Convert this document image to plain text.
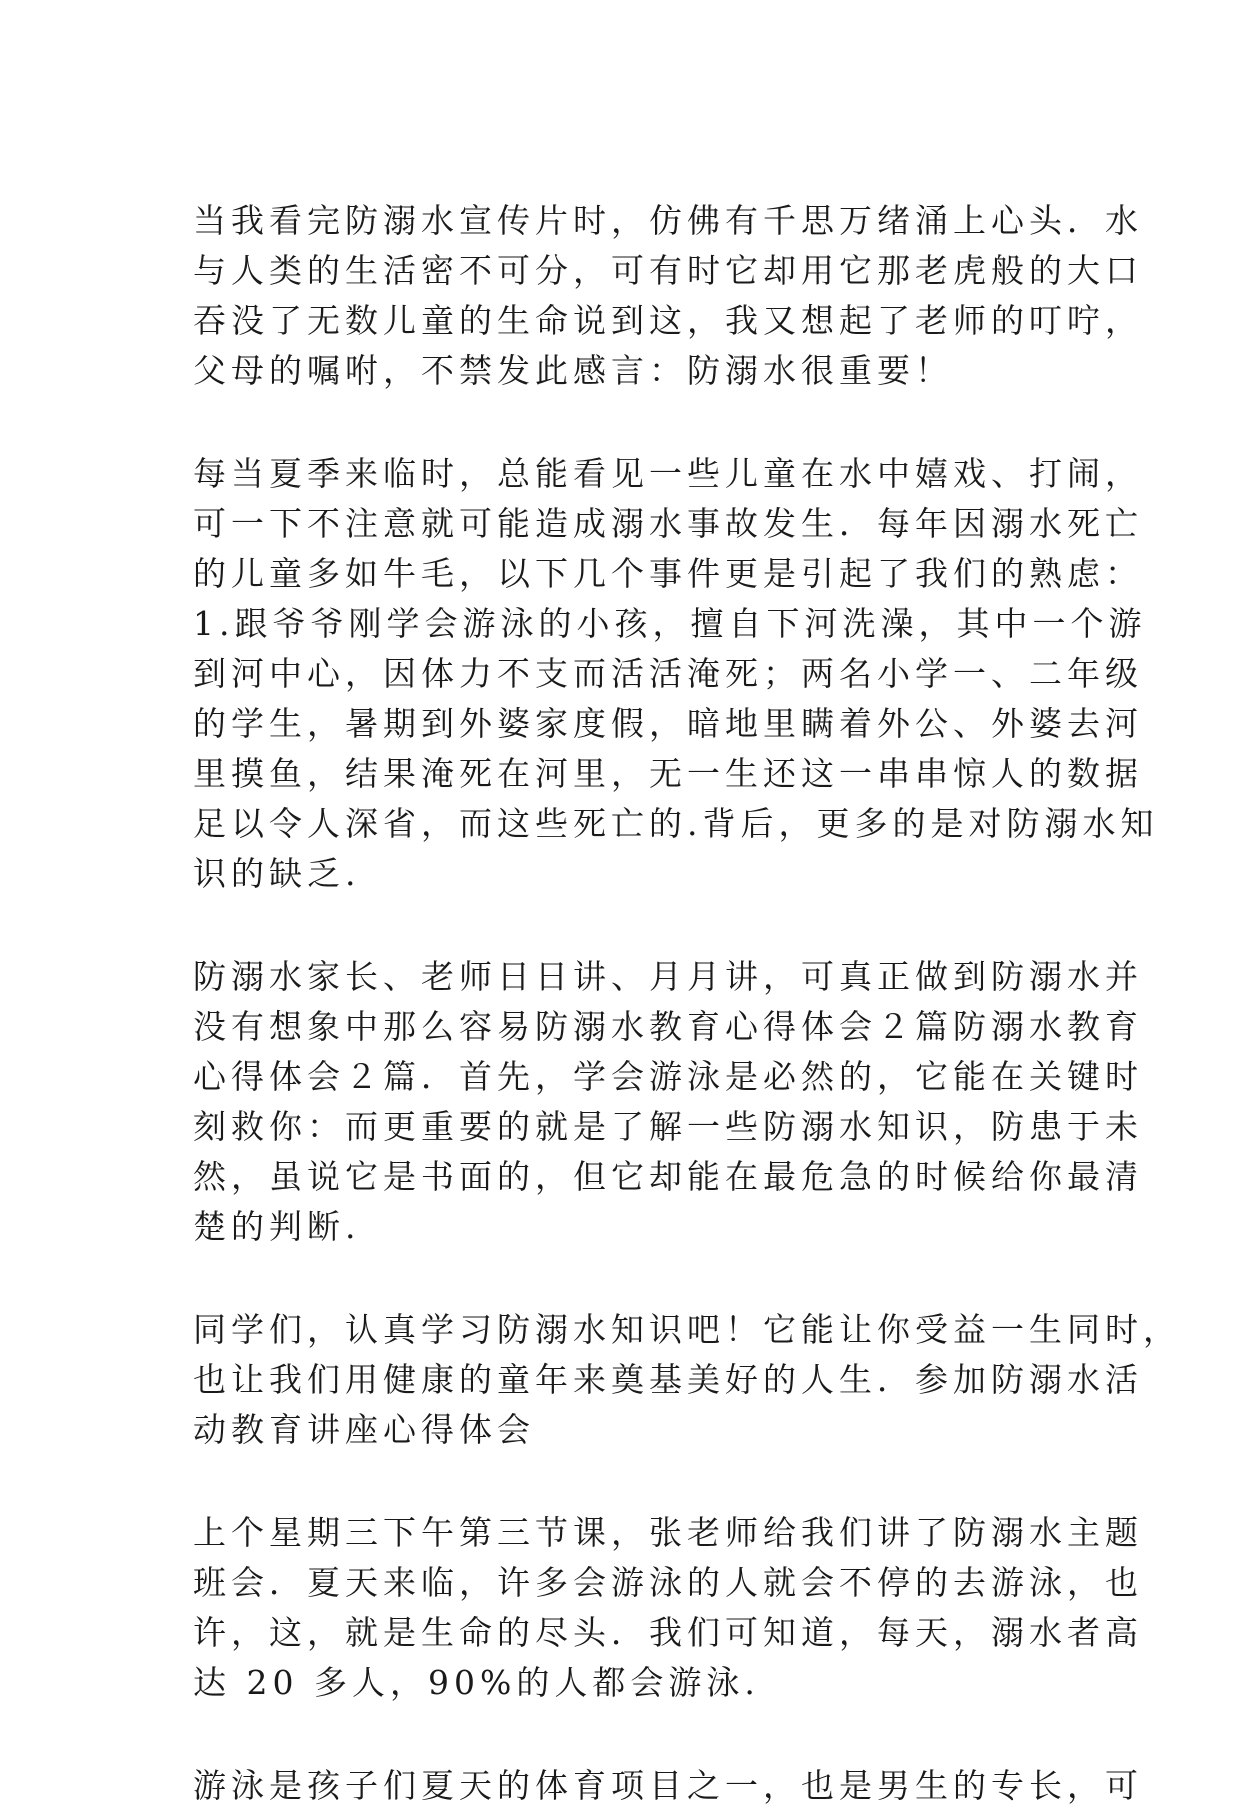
当我看完防溺水宣传片时，仿佛有千思万绪涌上心头．水
与人类的生活密不可分，可有时它却用它那老虎般的大口
吞没了无数儿童的生命说到这，我又想起了老师的叮咛，
父母的嘱咐，不禁发此感言：防溺水很重要！

每当夏季来临时，总能看见一些儿童在水中嬉戏、打闹，
可一下不注意就可能造成溺水事故发生．每年因溺水死亡
的儿童多如牛毛，以下几个事件更是引起了我们的熟虑：
1.跟爷爷刚学会游泳的小孩，擅自下河洗澡，其中一个游
到河中心，因体力不支而活活淹死；两名小学一、二年级
的学生，暑期到外婆家度假，暗地里瞒着外公、外婆去河
里摸鱼，结果淹死在河里，无一生还这一串串惊人的数据
足以令人深省，而这些死亡的.背后，更多的是对防溺水知
识的缺乏.

防溺水家长、老师日日讲、月月讲，可真正做到防溺水并
没有想象中那么容易防溺水教育心得体会２篇防溺水教育
心得体会２篇．首先，学会游泳是必然的，它能在关键时
刻救你：而更重要的就是了解一些防溺水知识，防患于未
然，虽说它是书面的，但它却能在最危急的时候给你最清
楚的判断.

同学们，认真学习防溺水知识吧！它能让你受益一生同时，
也让我们用健康的童年来奠基美好的人生．参加防溺水活
动教育讲座心得体会

上个星期三下午第三节课，张老师给我们讲了防溺水主题
班会．夏天来临，许多会游泳的人就会不停的去游泳，也
许，这，就是生命的尽头．我们可知道，每天，溺水者高
达 20 多人，90%的人都会游泳.

游泳是孩子们夏天的体育项目之一，也是男生的专长，可
